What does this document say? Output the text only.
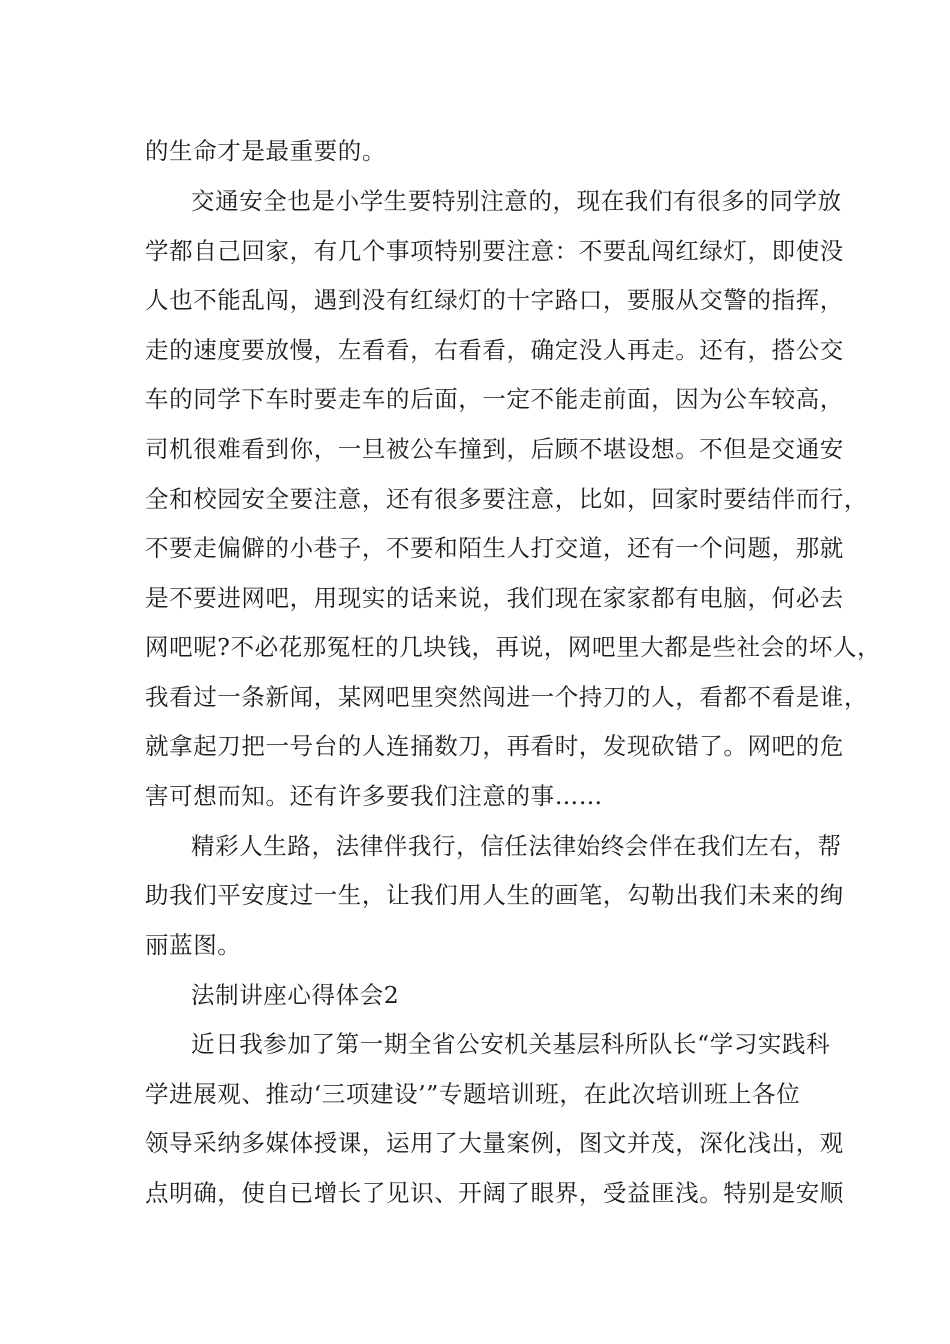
的生命才是最重要的。
交通安全也是小学生要特别注意的，现在我们有很多的同学放
学都自己回家，有几个事项特别要注意：不要乱闯红绿灯，即使没
人也不能乱闯，遇到没有红绿灯的十字路口，要服从交警的指挥，
走的速度要放慢，左看看，右看看，确定没人再走。还有，搭公交
车的同学下车时要走车的后面，一定不能走前面，因为公车较高，
司机很难看到你，一旦被公车撞到，后顾不堪设想。不但是交通安
全和校园安全要注意，还有很多要注意，比如，回家时要结伴而行，
不要走偏僻的小巷子，不要和陌生人打交道，还有一个问题，那就
是不要进网吧，用现实的话来说，我们现在家家都有电脑，何必去
网吧呢?不必花那冤枉的几块钱，再说，网吧里大都是些社会的坏人，
我看过一条新闻，某网吧里突然闯进一个持刀的人，看都不看是谁，
就拿起刀把一号台的人连捅数刀，再看时，发现砍错了。网吧的危
害可想而知。还有许多要我们注意的事……
精彩人生路，法律伴我行，信任法律始终会伴在我们左右，帮
助我们平安度过一生，让我们用人生的画笔，勾勒出我们未来的绚
丽蓝图。
法制讲座心得体会2
近日我参加了第一期全省公安机关基层科所队长“学习实践科
学进展观、推动‘三项建设’”专题培训班，在此次培训班上各位
领导采纳多媒体授课，运用了大量案例，图文并茂，深化浅出，观
点明确，使自已增长了见识、开阔了眼界，受益匪浅。特别是安顺
